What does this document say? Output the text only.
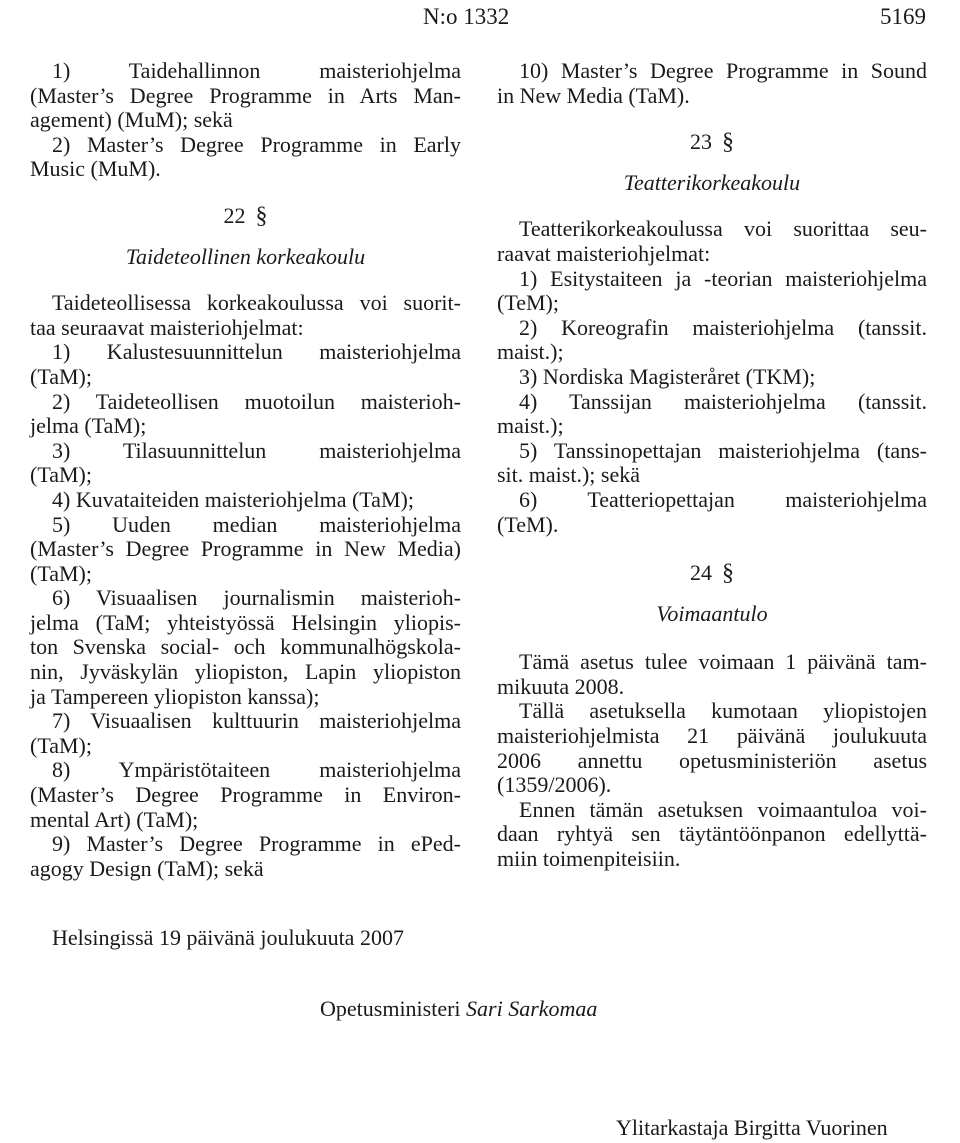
N:o 1332	5169
1) Taidehallinnon maisteriohjelma
(Master’s Degree Programme in Arts Man-
agement) (MuM); sekä
2) Master’s Degree Programme in Early
Music (MuM).
22 §
Taideteollinen korkeakoulu
Taideteollisessa korkeakoulussa voi suorit-
taa seuraavat maisteriohjelmat:
1) Kalustesuunnittelun maisteriohjelma
(TaM);
2) Taideteollisen muotoilun maisterioh-
jelma (TaM);
3) Tilasuunnittelun maisteriohjelma
(TaM);
4) Kuvataiteiden maisteriohjelma (TaM);
5) Uuden median maisteriohjelma
(Master’s Degree Programme in New Media)
(TaM);
6) Visuaalisen journalismin maisterioh-
jelma (TaM; yhteistyössä Helsingin yliopis-
ton Svenska social- och kommunalhögskola-
nin, Jyväskylän yliopiston, Lapin yliopiston
ja Tampereen yliopiston kanssa);
7) Visuaalisen kulttuurin maisteriohjelma
(TaM);
8) Ympäristötaiteen maisteriohjelma
(Master’s Degree Programme in Environ-
mental Art) (TaM);
9) Master’s Degree Programme in ePed-
agogy Design (TaM); sekä
10) Master’s Degree Programme in Sound
in New Media (TaM).
23 §
Teatterikorkeakoulu
Teatterikorkeakoulussa voi suorittaa seu-
raavat maisteriohjelmat:
1) Esitystaiteen ja -teorian maisteriohjelma
(TeM);
2) Koreografin maisteriohjelma (tanssit.
maist.);
3) Nordiska Magisteråret (TKM);
4) Tanssijan maisteriohjelma (tanssit.
maist.);
5) Tanssinopettajan maisteriohjelma (tans-
sit. maist.); sekä
6) Teatteriopettajan maisteriohjelma
(TeM).
24 §
Voimaantulo
Tämä asetus tulee voimaan 1 päivänä tam-
mikuuta 2008.
Tällä asetuksella kumotaan yliopistojen
maisteriohjelmista 21 päivänä joulukuuta
2006 annettu opetusministeriön asetus
(1359/2006).
Ennen tämän asetuksen voimaantuloa voi-
daan ryhtyä sen täytäntöönpanon edellyttä-
miin toimenpiteisiin.
Helsingissä 19 päivänä joulukuuta 2007
Opetusministeri Sari Sarkomaa
Ylitarkastaja Birgitta Vuorinen
